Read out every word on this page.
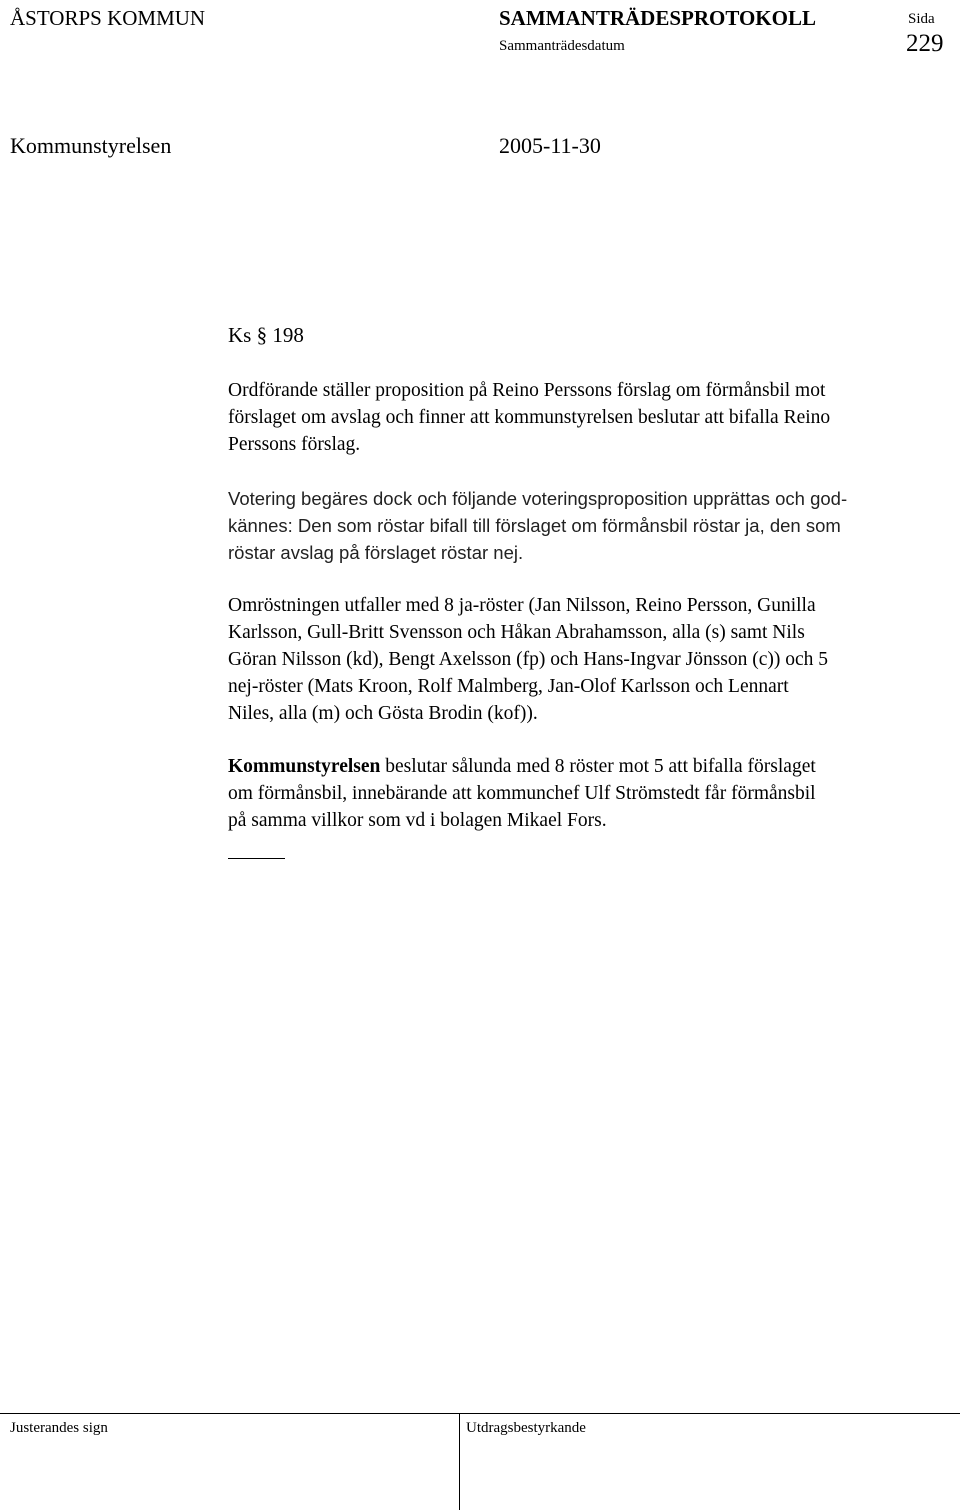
ÅSTORPS KOMMUN	SAMMANTRÄDESPROTOKOLL	Sida
Sammanträdesdatum	229
Kommunstyrelsen	2005-11-30
Ks § 198

Ordförande ställer proposition på Reino Perssons förslag om förmånsbil mot
förslaget om avslag och finner att kommunstyrelsen beslutar att bifalla Reino
Perssons förslag.

Votering begäres dock och följande voteringsproposition upprättas och god-
kännes: Den som röstar bifall till förslaget om förmånsbil röstar ja, den som
röstar avslag på förslaget röstar nej.

Omröstningen utfaller med 8 ja-röster (Jan Nilsson, Reino Persson, Gunilla
Karlsson, Gull-Britt Svensson och Håkan Abrahamsson, alla (s) samt Nils
Göran Nilsson (kd), Bengt Axelsson (fp) och Hans-Ingvar Jönsson (c)) och 5
nej-röster (Mats Kroon, Rolf Malmberg, Jan-Olof Karlsson och Lennart
Niles, alla (m) och Gösta Brodin (kof)).

Kommunstyrelsen beslutar sålunda med 8 röster mot 5 att bifalla förslaget
om förmånsbil, innebärande att kommunchef Ulf Strömstedt får förmånsbil
på samma villkor som vd i bolagen Mikael Fors.

Justerandes sign	Utdragsbestyrkande
